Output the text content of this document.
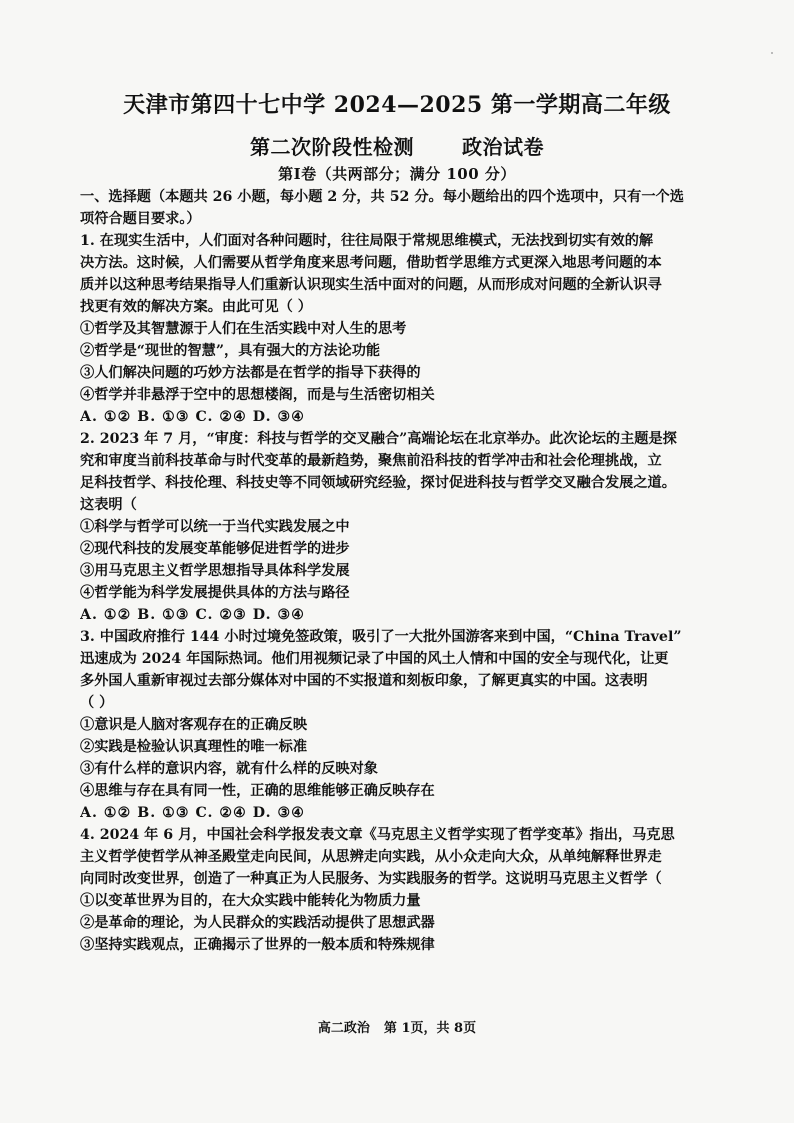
天津市第四十七中学 2024—2025 第一学期高二年级
第二次阶段性检测 政治试卷
第Ⅰ卷（共两部分；满分 100 分）
一、选择题（本题共 26 小题，每小题 2 分，共 52 分。每小题给出的四个选项中，只有一个选
项符合题目要求。）
1. 在现实生活中，人们面对各种问题时，往往局限于常规思维模式，无法找到切实有效的解
决方法。这时候，人们需要从哲学角度来思考问题，借助哲学思维方式更深入地思考问题的本
质并以这种思考结果指导人们重新认识现实生活中面对的问题，从而形成对问题的全新认识寻
找更有效的解决方案。由此可见（ ）
①哲学及其智慧源于人们在生活实践中对人生的思考
②哲学是“现世的智慧”，具有强大的方法论功能
③人们解决问题的巧妙方法都是在哲学的指导下获得的
④哲学并非悬浮于空中的思想楼阁，而是与生活密切相关
A. ①② B. ①③ C. ②④ D. ③④
2. 2023 年 7 月，“审度：科技与哲学的交叉融合”高端论坛在北京举办。此次论坛的主题是探
究和审度当前科技革命与时代变革的最新趋势，聚焦前沿科技的哲学冲击和社会伦理挑战，立
足科技哲学、科技伦理、科技史等不同领域研究经验，探讨促进科技与哲学交叉融合发展之道。
这表明（
①科学与哲学可以统一于当代实践发展之中
②现代科技的发展变革能够促进哲学的进步
③用马克思主义哲学思想指导具体科学发展
④哲学能为科学发展提供具体的方法与路径
A. ①② B. ①③ C. ②③ D. ③④
3. 中国政府推行 144 小时过境免签政策，吸引了一大批外国游客来到中国，“China Travel”
迅速成为 2024 年国际热词。他们用视频记录了中国的风土人情和中国的安全与现代化，让更
多外国人重新审视过去部分媒体对中国的不实报道和刻板印象，了解更真实的中国。这表明
（ ）
①意识是人脑对客观存在的正确反映
②实践是检验认识真理性的唯一标准
③有什么样的意识内容，就有什么样的反映对象
④思维与存在具有同一性，正确的思维能够正确反映存在
A. ①② B. ①③ C. ②④ D. ③④
4. 2024 年 6 月，中国社会科学报发表文章《马克思主义哲学实现了哲学变革》指出，马克思
主义哲学使哲学从神圣殿堂走向民间，从思辨走向实践，从小众走向大众，从单纯解释世界走
向同时改变世界，创造了一种真正为人民服务、为实践服务的哲学。这说明马克思主义哲学（
①以变革世界为目的，在大众实践中能转化为物质力量
②是革命的理论，为人民群众的实践活动提供了思想武器
③坚持实践观点，正确揭示了世界的一般本质和特殊规律
高二政治 第 1页，共 8页
